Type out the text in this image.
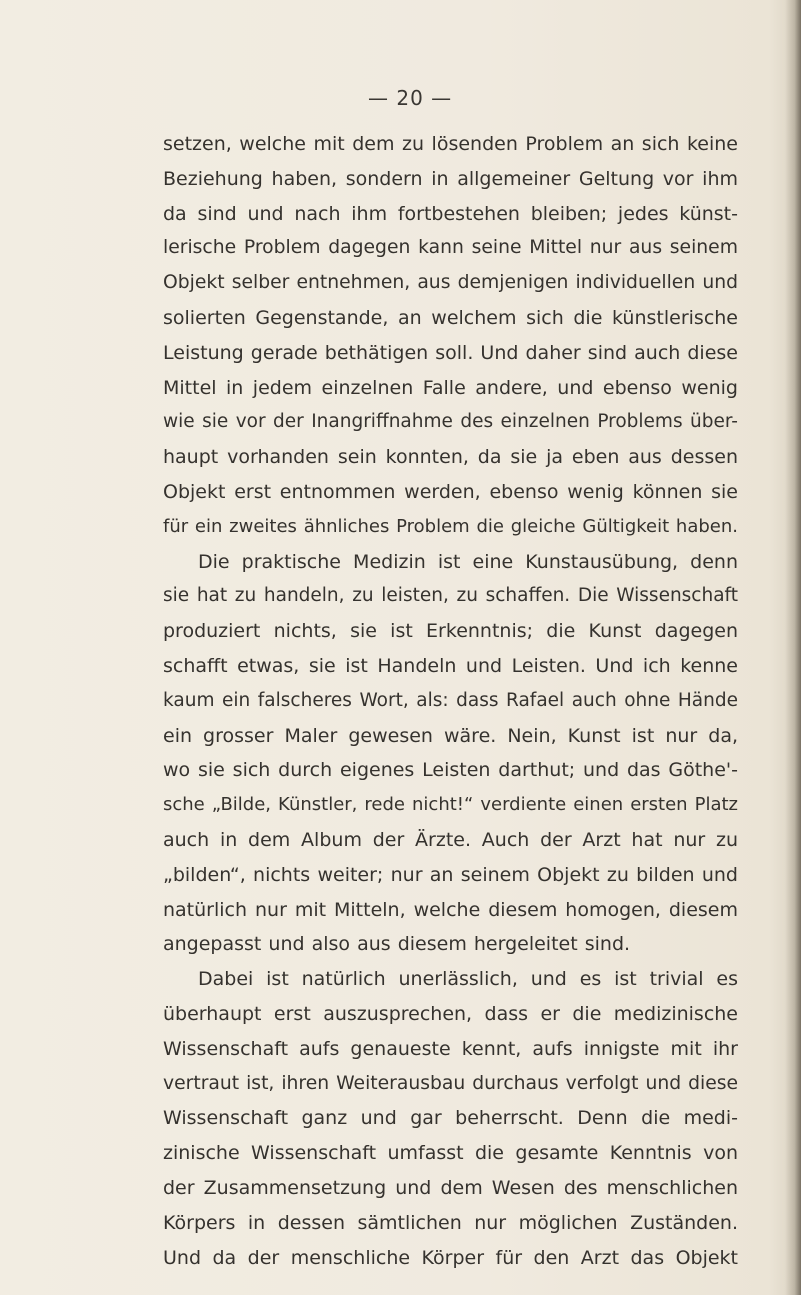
— 20 —
setzen, welche mit dem zu lösenden Problem an sich keine
Beziehung haben, sondern in allgemeiner Geltung vor ihm
da sind und nach ihm fortbestehen bleiben; jedes künst-
lerische Problem dagegen kann seine Mittel nur aus seinem
Objekt selber entnehmen, aus demjenigen individuellen und
solierten Gegenstande, an welchem sich die künstlerische
Leistung gerade bethätigen soll. Und daher sind auch diese
Mittel in jedem einzelnen Falle andere, und ebenso wenig
wie sie vor der Inangriffnahme des einzelnen Problems über-
haupt vorhanden sein konnten, da sie ja eben aus dessen
Objekt erst entnommen werden, ebenso wenig können sie
für ein zweites ähnliches Problem die gleiche Gültigkeit haben.
Die praktische Medizin ist eine Kunstausübung, denn
sie hat zu handeln, zu leisten, zu schaffen. Die Wissenschaft
produziert nichts, sie ist Erkenntnis; die Kunst dagegen
schafft etwas, sie ist Handeln und Leisten. Und ich kenne
kaum ein falscheres Wort, als: dass Rafael auch ohne Hände
ein grosser Maler gewesen wäre. Nein, Kunst ist nur da,
wo sie sich durch eigenes Leisten darthut; und das Göthe'-
sche „Bilde, Künstler, rede nicht!“ verdiente einen ersten Platz
auch in dem Album der Ärzte. Auch der Arzt hat nur zu
„bilden“, nichts weiter; nur an seinem Objekt zu bilden und
natürlich nur mit Mitteln, welche diesem homogen, diesem
angepasst und also aus diesem hergeleitet sind.
Dabei ist natürlich unerlässlich, und es ist trivial es
überhaupt erst auszusprechen, dass er die medizinische
Wissenschaft aufs genaueste kennt, aufs innigste mit ihr
vertraut ist, ihren Weiterausbau durchaus verfolgt und diese
Wissenschaft ganz und gar beherrscht. Denn die medi-
zinische Wissenschaft umfasst die gesamte Kenntnis von
der Zusammensetzung und dem Wesen des menschlichen
Körpers in dessen sämtlichen nur möglichen Zuständen.
Und da der menschliche Körper für den Arzt das Objekt
